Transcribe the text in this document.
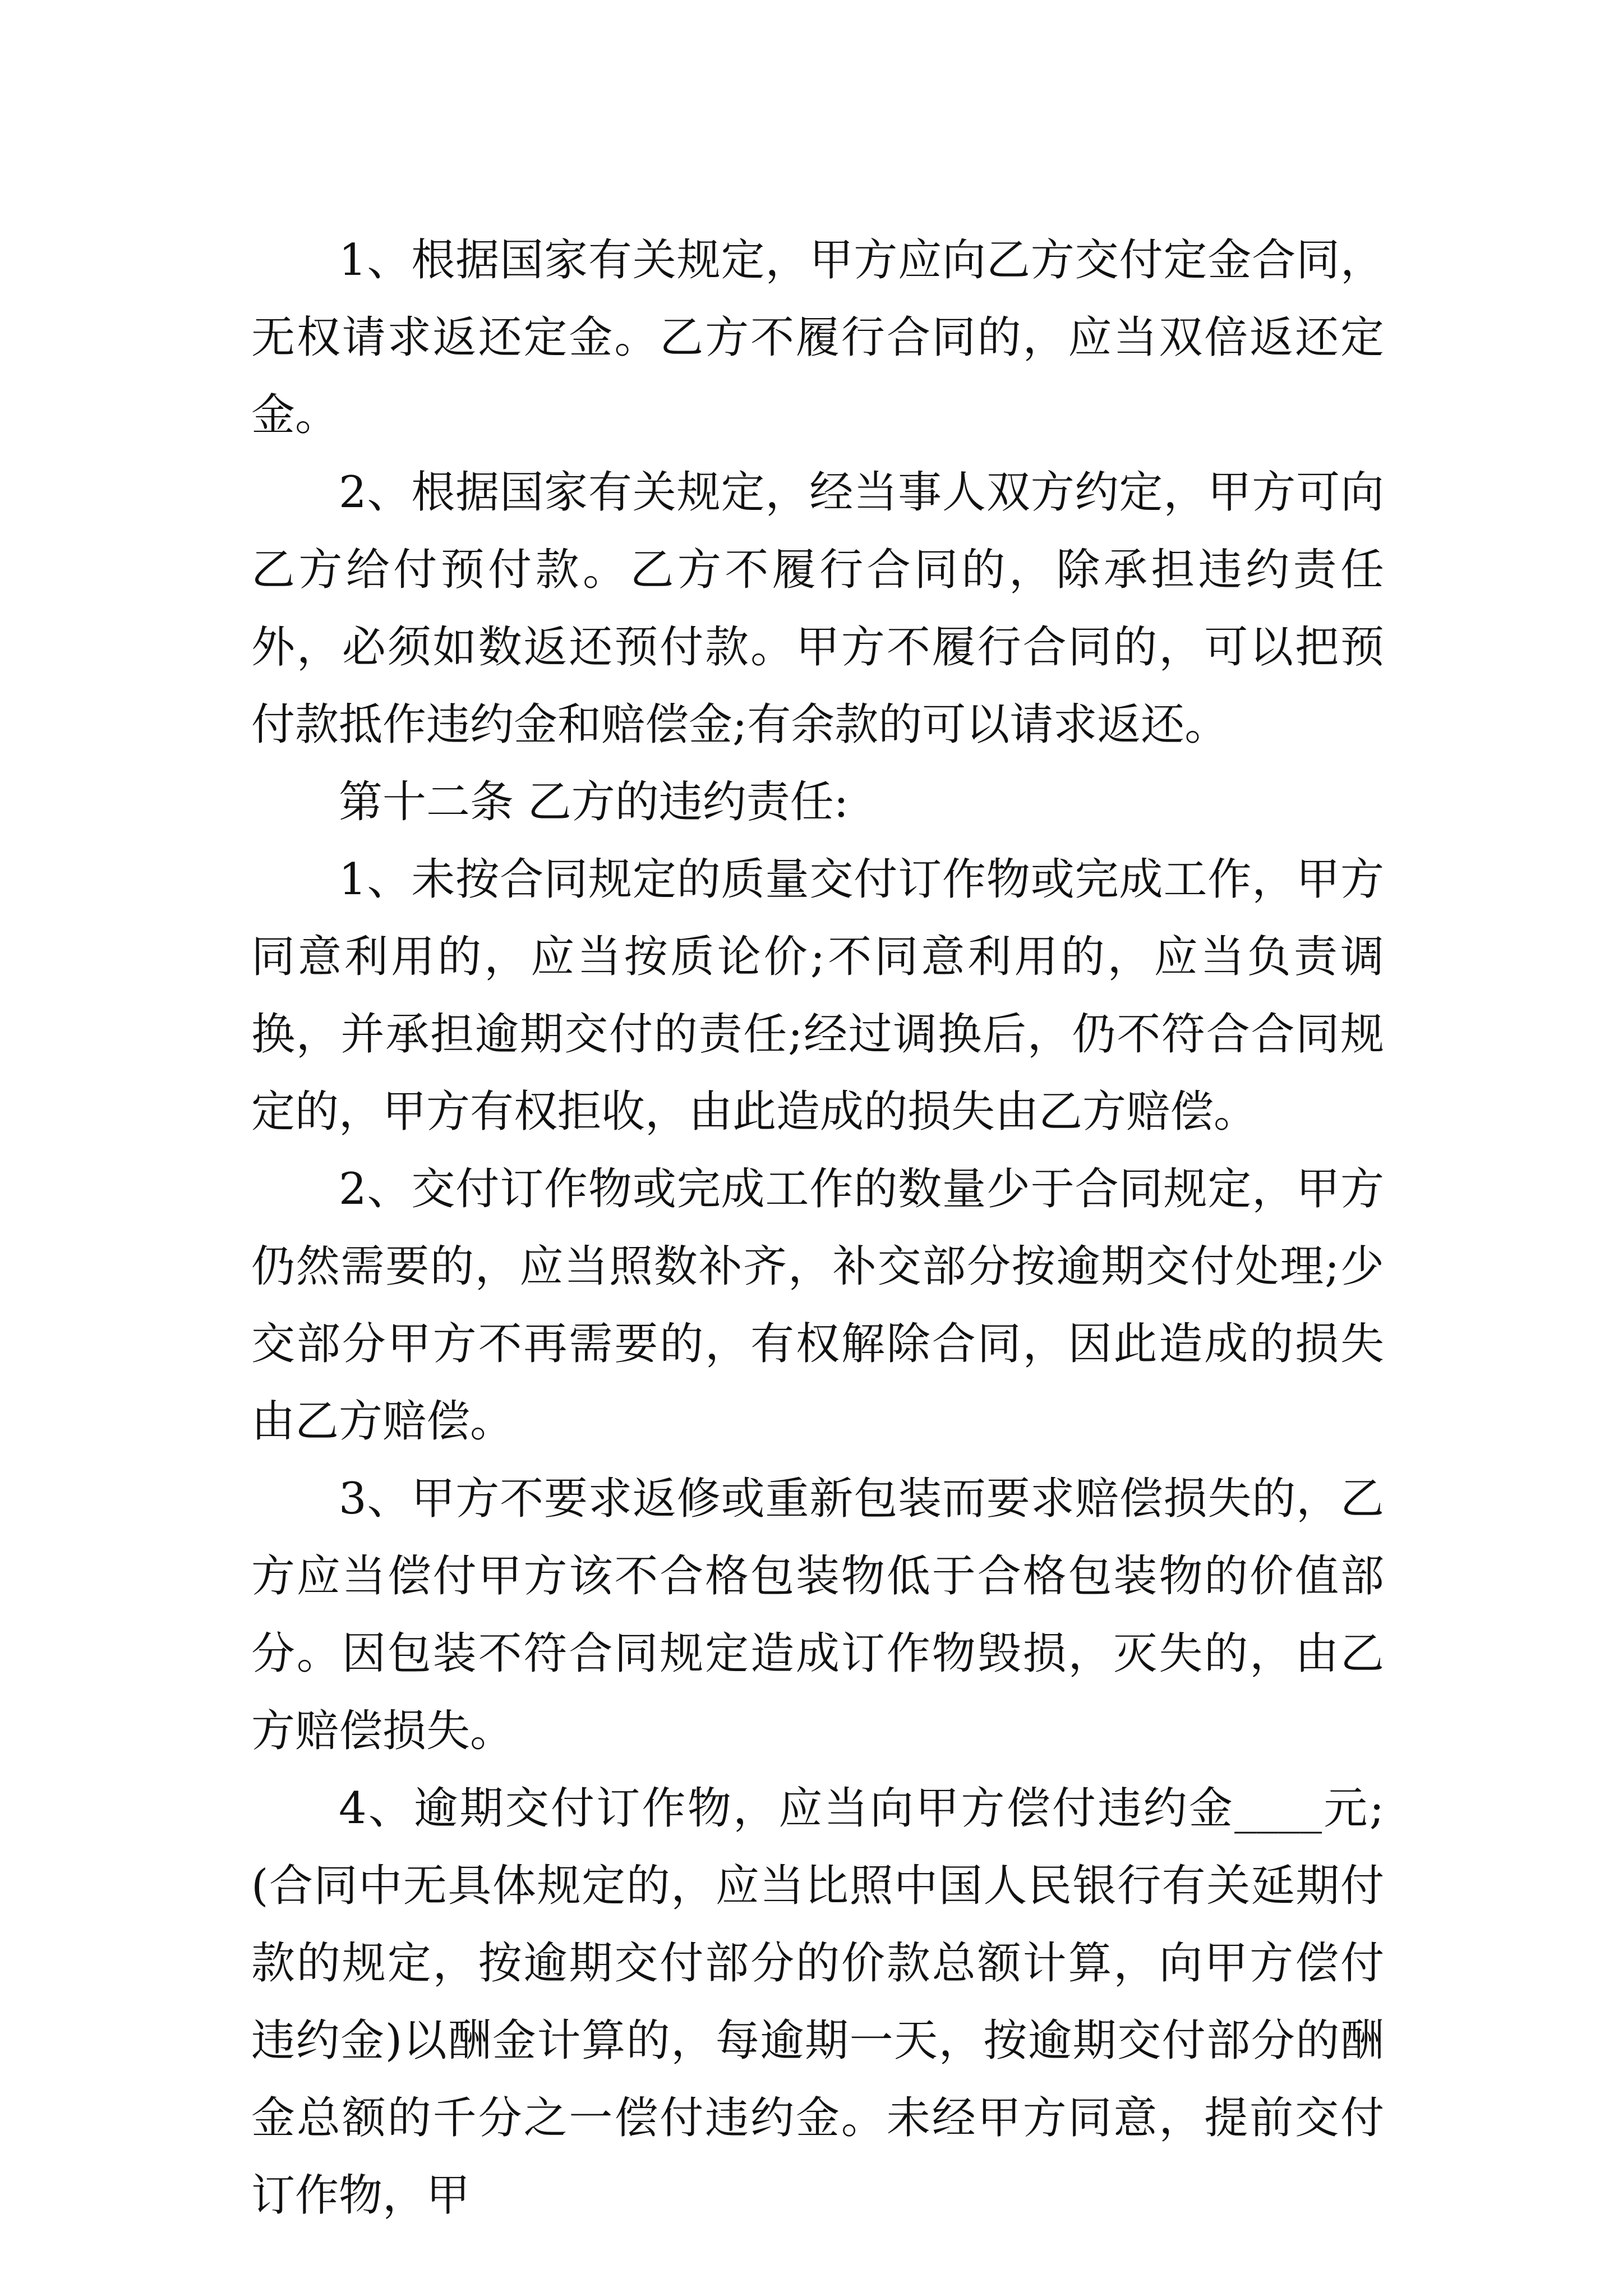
1、根据国家有关规定，甲方应向乙方交付定金合同，无权请求返还定金。乙方不履行合同的，应当双倍返还定金。

2、根据国家有关规定，经当事人双方约定，甲方可向乙方给付预付款。乙方不履行合同的，除承担违约责任外，必须如数返还预付款。甲方不履行合同的，可以把预付款抵作违约金和赔偿金;有余款的可以请求返还。

第十二条 乙方的违约责任:

1、未按合同规定的质量交付订作物或完成工作，甲方同意利用的，应当按质论价;不同意利用的，应当负责调换，并承担逾期交付的责任;经过调换后，仍不符合合同规定的，甲方有权拒收，由此造成的损失由乙方赔偿。

2、交付订作物或完成工作的数量少于合同规定，甲方仍然需要的，应当照数补齐，补交部分按逾期交付处理;少交部分甲方不再需要的，有权解除合同，因此造成的损失由乙方赔偿。

3、甲方不要求返修或重新包装而要求赔偿损失的，乙方应当偿付甲方该不合格包装物低于合格包装物的价值部分。因包装不符合同规定造成订作物毁损，灭失的，由乙方赔偿损失。

4、逾期交付订作物，应当向甲方偿付违约金____元;(合同中无具体规定的，应当比照中国人民银行有关延期付款的规定，按逾期交付部分的价款总额计算，向甲方偿付违约金)以酬金计算的，每逾期一天，按逾期交付部分的酬金总额的千分之一偿付违约金。未经甲方同意，提前交付订作物，甲
